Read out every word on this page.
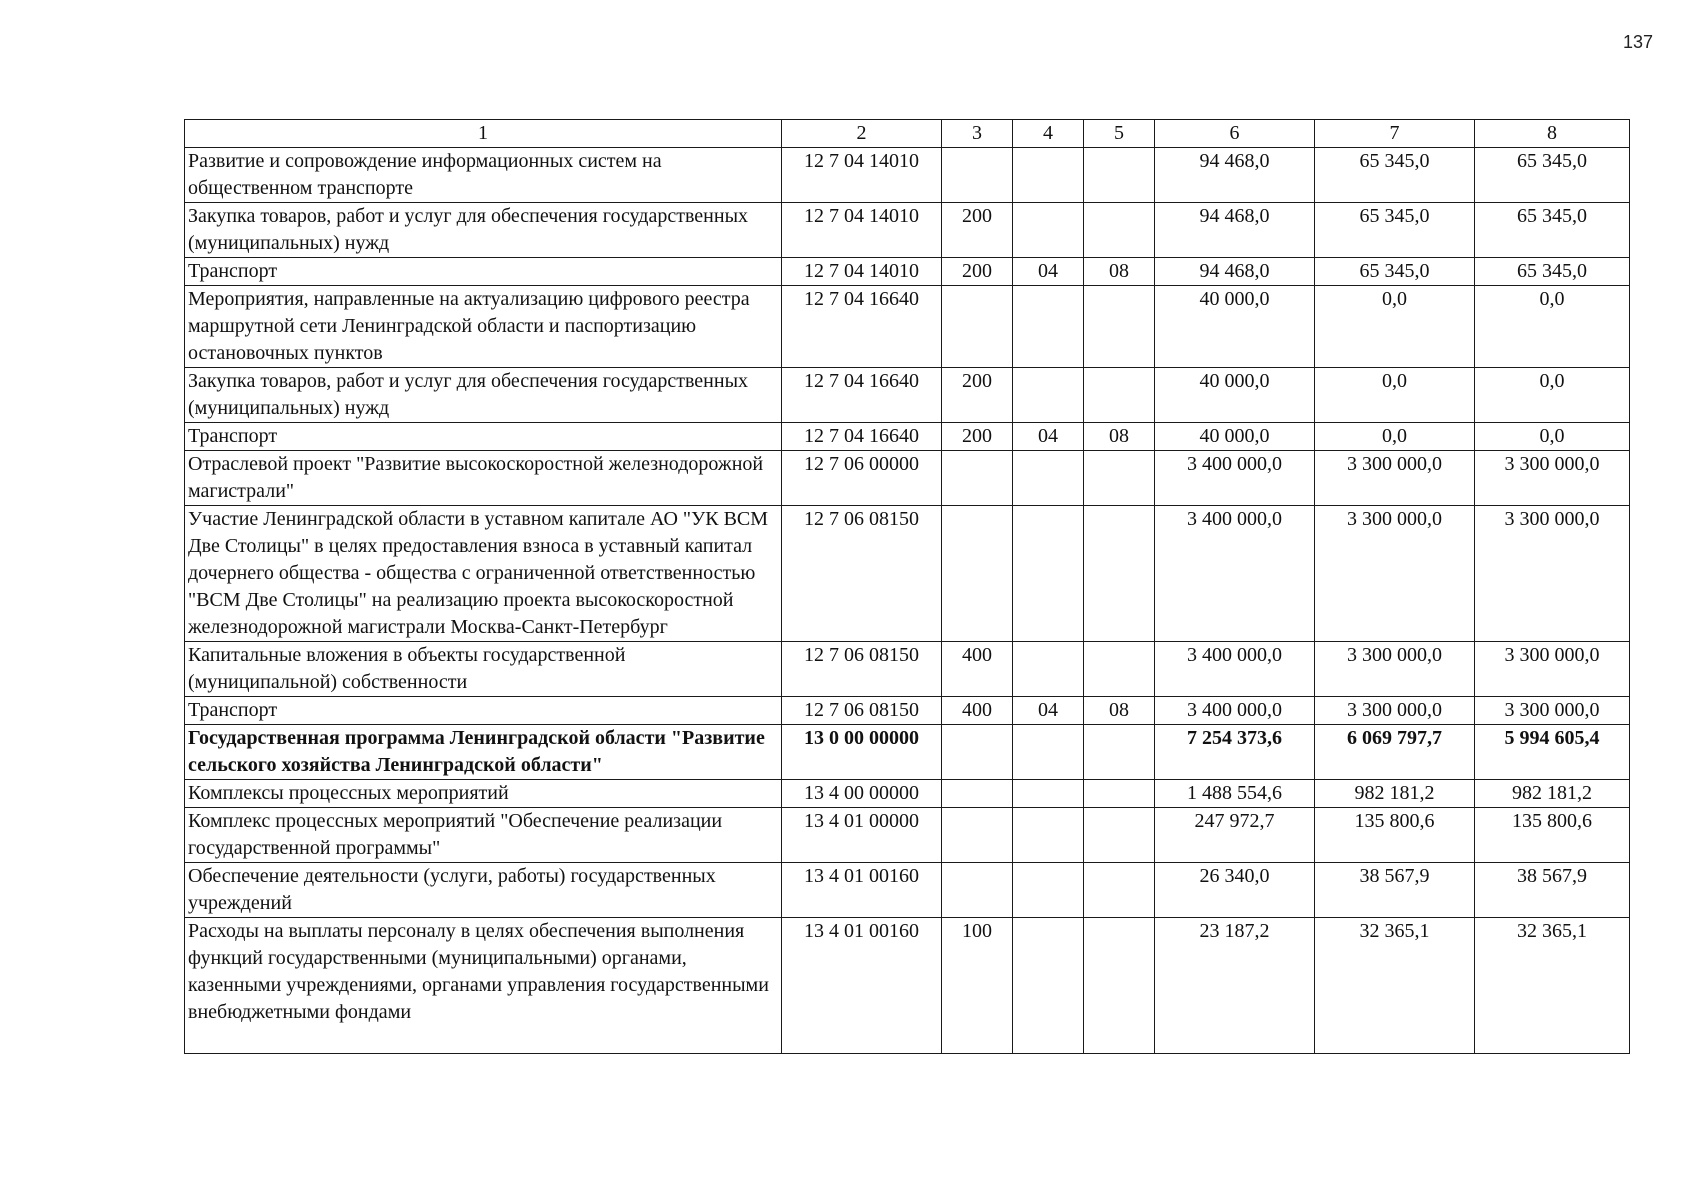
137
1	2	3	4	5	6	7	8
Развитие и сопровождение информационных систем на общественном транспорте	12 7 04 14010				94 468,0	65 345,0	65 345,0
Закупка товаров, работ и услуг для обеспечения государственных (муниципальных) нужд	12 7 04 14010	200			94 468,0	65 345,0	65 345,0
Транспорт	12 7 04 14010	200	04	08	94 468,0	65 345,0	65 345,0
Мероприятия, направленные на актуализацию цифрового реестра маршрутной сети Ленинградской области и паспортизацию остановочных пунктов	12 7 04 16640				40 000,0	0,0	0,0
Закупка товаров, работ и услуг для обеспечения государственных (муниципальных) нужд	12 7 04 16640	200			40 000,0	0,0	0,0
Транспорт	12 7 04 16640	200	04	08	40 000,0	0,0	0,0
Отраслевой проект "Развитие высокоскоростной железнодорожной магистрали"	12 7 06 00000				3 400 000,0	3 300 000,0	3 300 000,0
Участие Ленинградской области в уставном капитале АО "УК ВСМ Две Столицы" в целях предоставления взноса в уставный капитал дочернего общества - общества с ограниченной ответственностью "ВСМ Две Столицы" на реализацию проекта высокоскоростной железнодорожной магистрали Москва-Санкт-Петербург	12 7 06 08150				3 400 000,0	3 300 000,0	3 300 000,0
Капитальные вложения в объекты государственной (муниципальной) собственности	12 7 06 08150	400			3 400 000,0	3 300 000,0	3 300 000,0
Транспорт	12 7 06 08150	400	04	08	3 400 000,0	3 300 000,0	3 300 000,0
Государственная программа Ленинградской области "Развитие сельского хозяйства Ленинградской области"	13 0 00 00000				7 254 373,6	6 069 797,7	5 994 605,4
Комплексы процессных мероприятий	13 4 00 00000				1 488 554,6	982 181,2	982 181,2
Комплекс процессных мероприятий "Обеспечение реализации государственной программы"	13 4 01 00000				247 972,7	135 800,6	135 800,6
Обеспечение деятельности (услуги, работы) государственных учреждений	13 4 01 00160				26 340,0	38 567,9	38 567,9
Расходы на выплаты персоналу в целях обеспечения выполнения функций государственными (муниципальными) органами, казенными учреждениями, органами управления государственными внебюджетными фондами	13 4 01 00160	100			23 187,2	32 365,1	32 365,1
